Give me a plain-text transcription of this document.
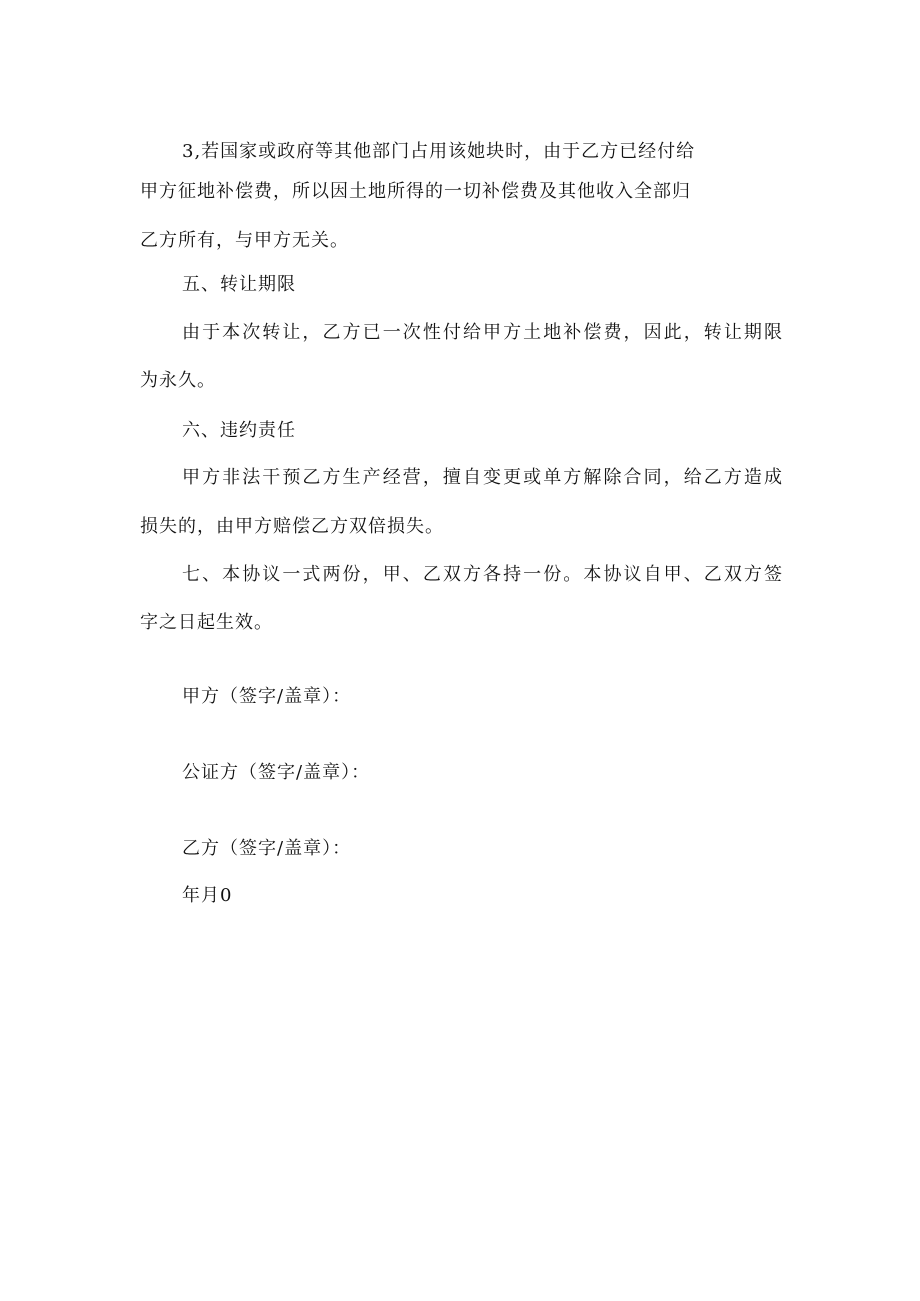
3,若国家或政府等其他部门占用该她块时，由于乙方已经付给
甲方征地补偿费，所以因土地所得的一切补偿费及其他收入全部归
乙方所有，与甲方无关。
五、转让期限
由于本次转让，乙方已一次性付给甲方土地补偿费，因此，转让期限
为永久。
六、违约责任
甲方非法干预乙方生产经营，擅自变更或单方解除合同，给乙方造成
损失的，由甲方赔偿乙方双倍损失。
七、本协议一式两份，甲、乙双方各持一份。本协议自甲、乙双方签
字之日起生效。
甲方（签字/盖章）：
公证方（签字/盖章）：
乙方（签字/盖章）：
年月0
